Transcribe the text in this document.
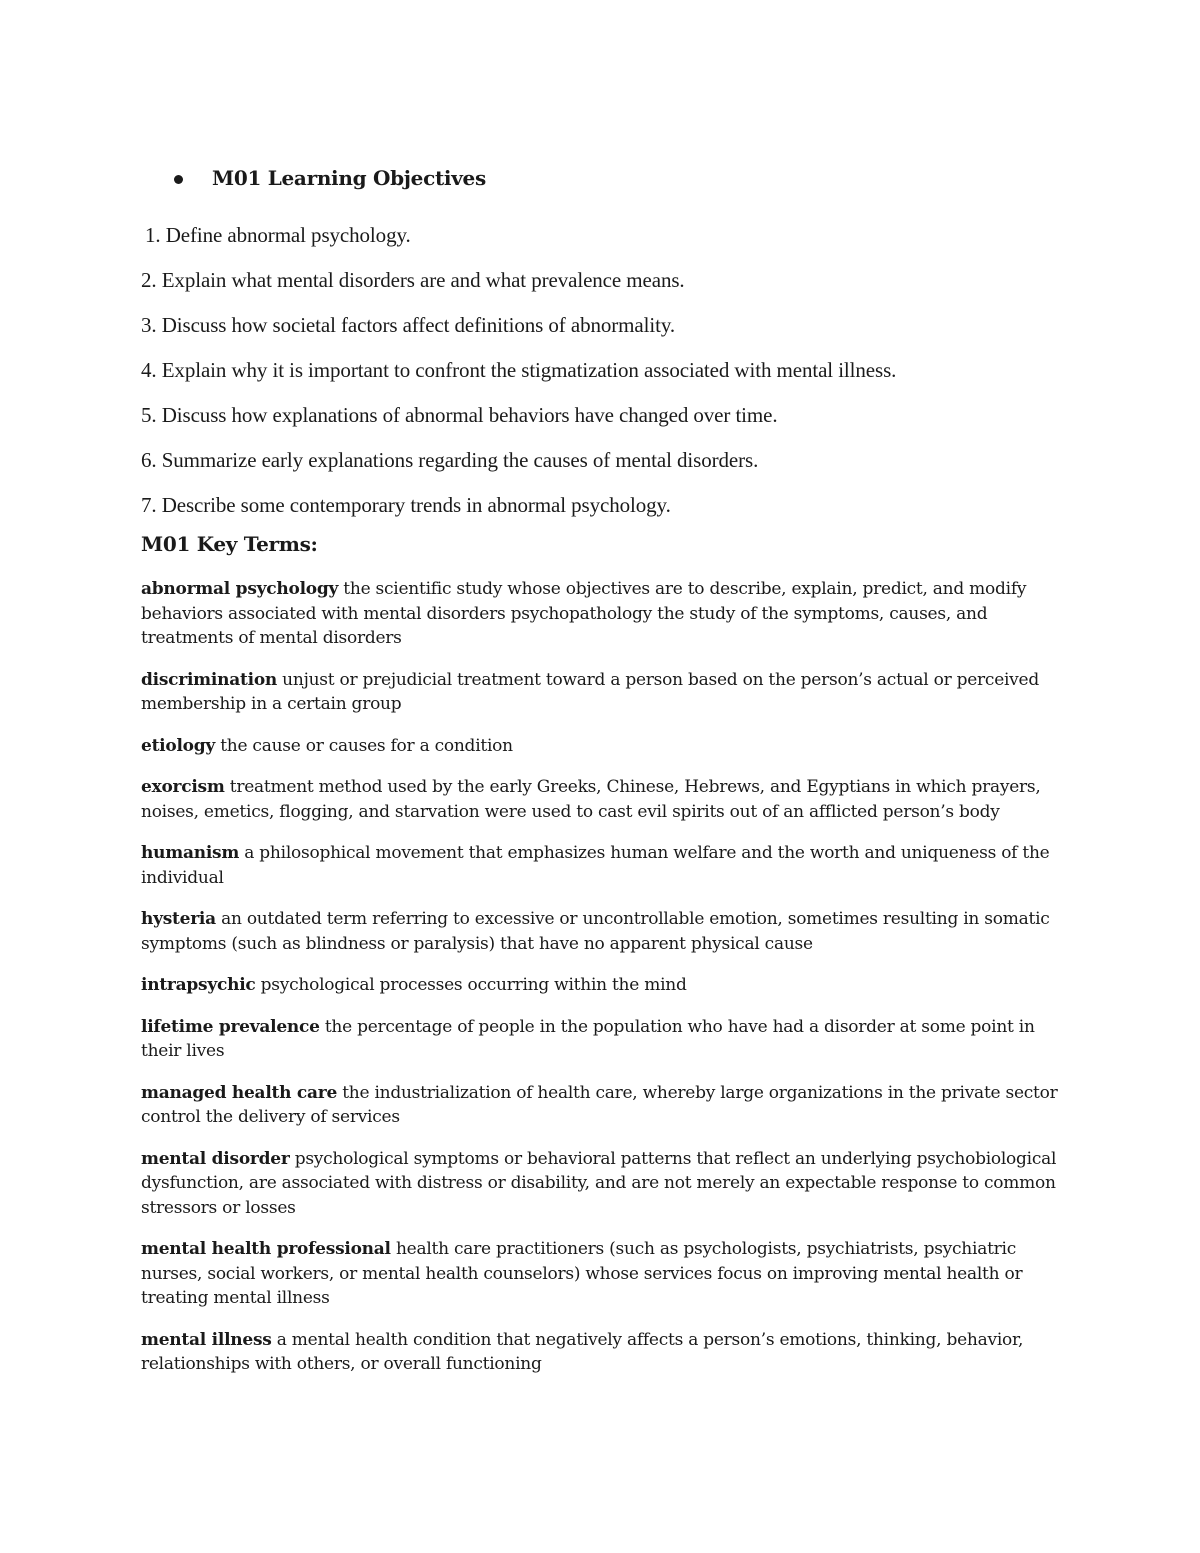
M01 Learning Objectives
1. Define abnormal psychology.
2. Explain what mental disorders are and what prevalence means.
3. Discuss how societal factors affect definitions of abnormality.
4. Explain why it is important to confront the stigmatization associated with mental illness.
5. Discuss how explanations of abnormal behaviors have changed over time.
6. Summarize early explanations regarding the causes of mental disorders.
7. Describe some contemporary trends in abnormal psychology.
M01 Key Terms:

abnormal psychology the scientific study whose objectives are to describe, explain, predict, and modify behaviors associated with mental disorders psychopathology the study of the symptoms, causes, and treatments of mental disorders

discrimination unjust or prejudicial treatment toward a person based on the person’s actual or perceived membership in a certain group

etiology the cause or causes for a condition

exorcism treatment method used by the early Greeks, Chinese, Hebrews, and Egyptians in which prayers, noises, emetics, flogging, and starvation were used to cast evil spirits out of an afflicted person’s body

humanism a philosophical movement that emphasizes human welfare and the worth and uniqueness of the individual

hysteria an outdated term referring to excessive or uncontrollable emotion, sometimes resulting in somatic symptoms (such as blindness or paralysis) that have no apparent physical cause

intrapsychic psychological processes occurring within the mind

lifetime prevalence the percentage of people in the population who have had a disorder at some point in their lives

managed health care the industrialization of health care, whereby large organizations in the private sector control the delivery of services

mental disorder psychological symptoms or behavioral patterns that reflect an underlying psychobiological dysfunction, are associated with distress or disability, and are not merely an expectable response to common stressors or losses

mental health professional health care practitioners (such as psychologists, psychiatrists, psychiatric nurses, social workers, or mental health counselors) whose services focus on improving mental health or treating mental illness

mental illness a mental health condition that negatively affects a person’s emotions, thinking, behavior, relationships with others, or overall functioning
